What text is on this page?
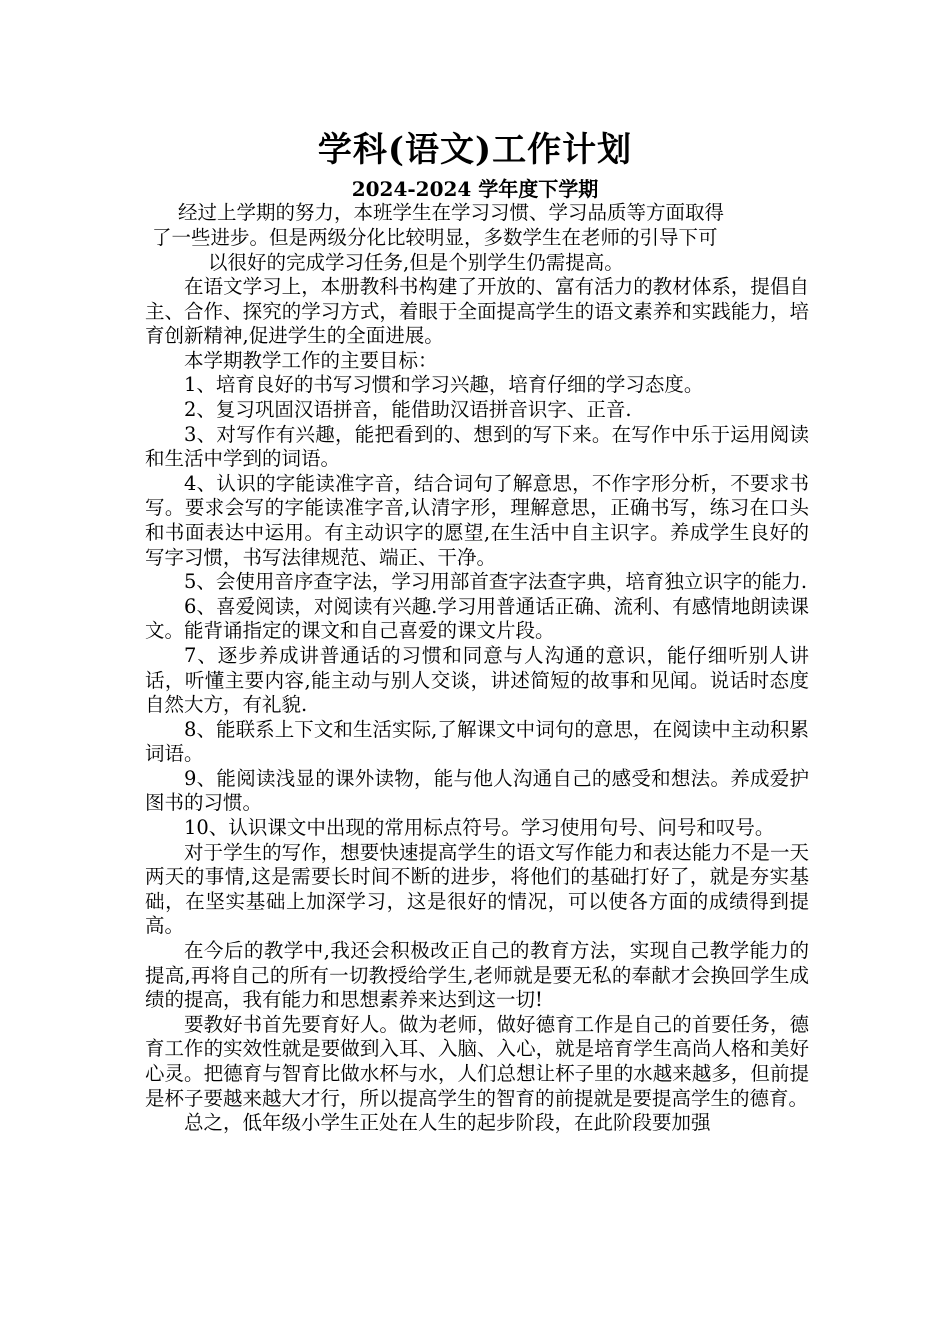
学科(语文)工作计划
2024-2024 学年度下学期
经过上学期的努力，本班学生在学习习惯、学习品质等方面取得
了一些进步。但是两级分化比较明显，多数学生在老师的引导下可
以很好的完成学习任务,但是个别学生仍需提高。

在语文学习上，本册教科书构建了开放的、富有活力的教材体系，提倡自主、合作、探究的学习方式，着眼于全面提高学生的语文素养和实践能力，培育创新精神,促进学生的全面进展。

本学期教学工作的主要目标：

1、培育良好的书写习惯和学习兴趣，培育仔细的学习态度。

2、复习巩固汉语拼音，能借助汉语拼音识字、正音.

3、对写作有兴趣，能把看到的、想到的写下来。在写作中乐于运用阅读和生活中学到的词语。

4、认识的字能读准字音，结合词句了解意思，不作字形分析，不要求书写。要求会写的字能读准字音,认清字形，理解意思，正确书写，练习在口头和书面表达中运用。有主动识字的愿望,在生活中自主识字。养成学生良好的写字习惯，书写法律规范、端正、干净。

5、会使用音序查字法，学习用部首查字法查字典，培育独立识字的能力.

6、喜爱阅读，对阅读有兴趣.学习用普通话正确、流利、有感情地朗读课文。能背诵指定的课文和自己喜爱的课文片段。

7、逐步养成讲普通话的习惯和同意与人沟通的意识，能仔细听别人讲话，听懂主要内容,能主动与别人交谈，讲述简短的故事和见闻。说话时态度自然大方，有礼貌.

8、能联系上下文和生活实际,了解课文中词句的意思，在阅读中主动积累词语。

9、能阅读浅显的课外读物，能与他人沟通自己的感受和想法。养成爱护图书的习惯。

10、认识课文中出现的常用标点符号。学习使用句号、问号和叹号。

对于学生的写作，想要快速提高学生的语文写作能力和表达能力不是一天两天的事情,这是需要长时间不断的进步，将他们的基础打好了，就是夯实基础，在坚实基础上加深学习，这是很好的情况，可以使各方面的成绩得到提高。

在今后的教学中,我还会积极改正自己的教育方法，实现自己教学能力的提高,再将自己的所有一切教授给学生,老师就是要无私的奉献才会换回学生成绩的提高，我有能力和思想素养来达到这一切!

要教好书首先要育好人。做为老师，做好德育工作是自己的首要任务，德育工作的实效性就是要做到入耳、入脑、入心，就是培育学生高尚人格和美好心灵。把德育与智育比做水杯与水，人们总想让杯子里的水越来越多，但前提是杯子要越来越大才行，所以提高学生的智育的前提就是要提高学生的德育。

总之，低年级小学生正处在人生的起步阶段，在此阶段要加强
